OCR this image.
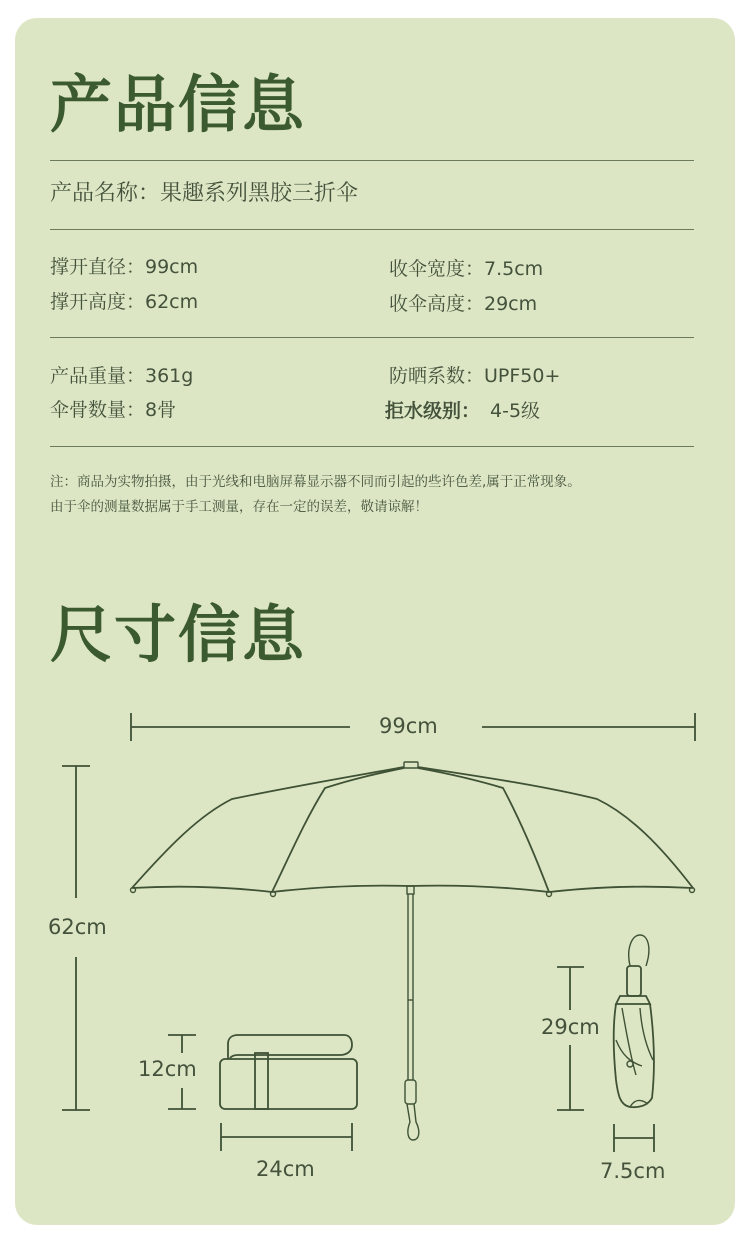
产品信息
产品名称：果趣系列黑胶三折伞
撑开直径：99cm
撑开高度：62cm
收伞宽度：7.5cm
收伞高度：29cm
产品重量：361g
伞骨数量：8骨
防晒系数：UPF50+
拒水级别： 4-5级
注：商品为实物拍摄，由于光线和电脑屏幕显示器不同而引起的些许色差,属于正常现象。
由于伞的测量数据属于手工测量，存在一定的误差，敬请谅解！
尺寸信息
99cm
62cm
12cm
24cm
29cm
7.5cm
